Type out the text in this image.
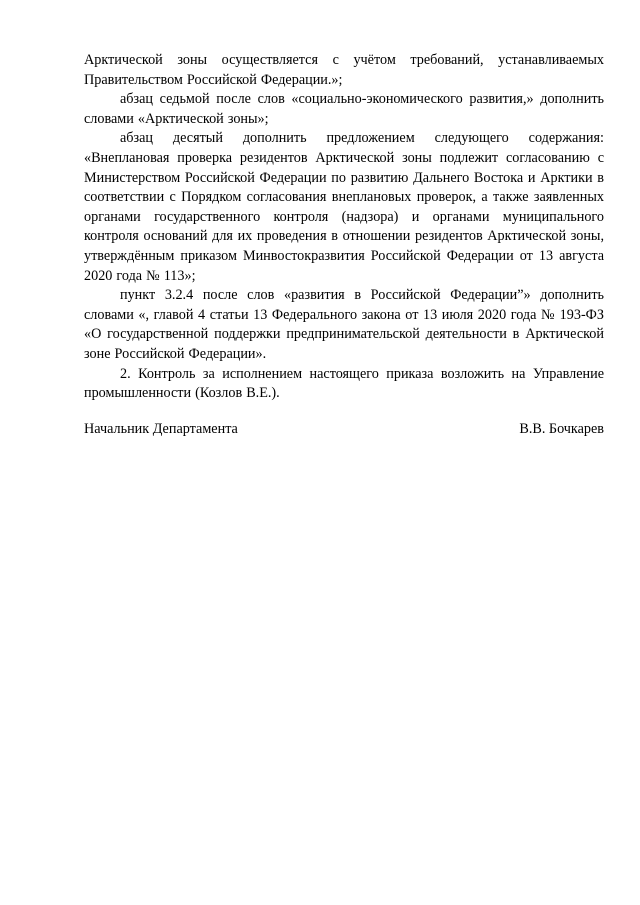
Арктической зоны осуществляется с учётом требований, устанавливаемых Правительством Российской Федерации.»;

абзац седьмой после слов «социально-экономического развития,» дополнить словами «Арктической зоны»;

абзац десятый дополнить предложением следующего содержания: «Внеплановая проверка резидентов Арктической зоны подлежит согласованию с Министерством Российской Федерации по развитию Дальнего Востока и Арктики в соответствии с Порядком согласования внеплановых проверок, а также заявленных органами государственного контроля (надзора) и органами муниципального контроля оснований для их проведения в отношении резидентов Арктической зоны, утверждённым приказом Минвостокразвития Российской Федерации от 13 августа 2020 года № 113»;

пункт 3.2.4 после слов «развития в Российской Федерации”» дополнить словами «, главой 4 статьи 13 Федерального закона от 13 июля 2020 года № 193-ФЗ «О государственной поддержки предпринимательской деятельности в Арктической зоне Российской Федерации».

2. Контроль за исполнением настоящего приказа возложить на Управление промышленности (Козлов В.Е.).

Начальник Департамента	В.В. Бочкарев
